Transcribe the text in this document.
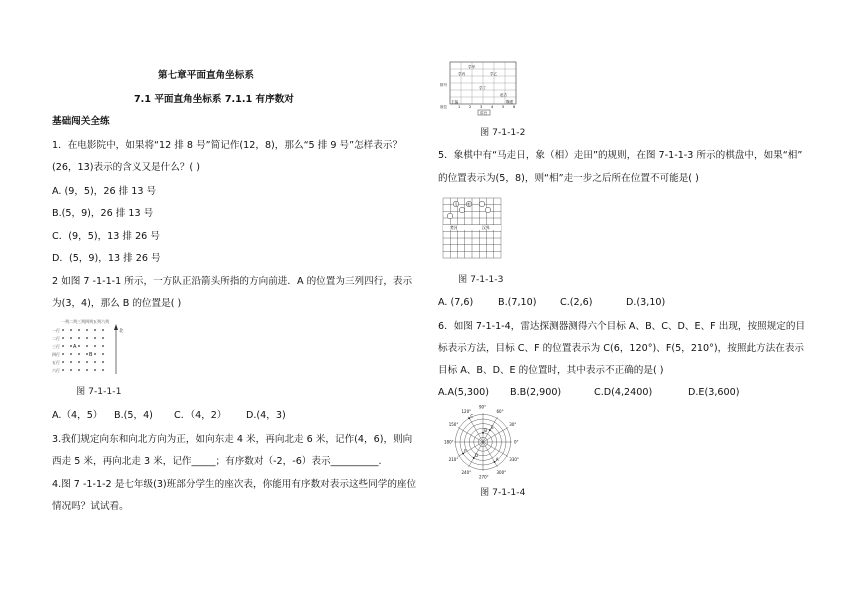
第七章平面直角坐标系
7.1 平面直角坐标系 7.1.1 有序数对
基础闯关全练
1．在电影院中，如果将“12 排 8 号”简记作(12，8)，那么“5 排 9 号”怎样表示？
(26，13)表示的含义又是什么？( )
A. (9，5)，26 排 13 号
B.(5，9)，26 排 13 号
C．(9，5)，13 排 26 号
D．(5，9)，13 排 26 号
2 如图 7 -1-1-1 所示，一方队正沿箭头所指的方向前进．A 的位置为三列四行，表示
为(3，4)，那么 B 的位置是( )
一列 二列 三列 四列 五列 六列
一行
二行
三行
四行
五行
六行
A
B
北
图 7-1-1-1
A.（4，5） B.(5，4) C．（4，2） D.(4，3)
3.我们规定向东和向北方向为正，如向东走 4 米，再向北走 6 米，记作(4，6)，则向
西走 5 米，再向北走 3 米，记作_____；有序数对（-2，-6）表示__________.
4.图 7 -1-1-2 是七年级(3)班部分学生的座次表，你能用有序数对表示这些同学的座位
情况吗？试试看。
学甲
学乙
学丙
学丁
赵古
王猛	魏建
排号
座位	1 2 3 4 5 6
讲台
图 7-1-1-2
5．象棋中有“马走日，象（相）走田”的规则，在图 7-1-1-3 所示的棋盘中，如果“相”
的位置表示为(5，8)，则“相”走一步之后所在位置不可能是( )
楚河	汉界
马	相
图 7-1-1-3
A. (7,6)	B.(7,10) C.(2,6)	D.(3,10)
6．如图 7-1-1-4，雷达探测器测得六个目标 A、B、C、D、E、F 出现，按照规定的目
标表示方法，目标 C、F 的位置表示为 C(6，120°)、F(5，210°)，按照此方法在表示
目标 A、B、D、E 的位置时，其中表示不正确的是( )
A.A(5,300) B.B(2,900)	C.D(4,2400)	D.E(3,600)
90°
60°
30°
0°
330°
300°
270°
240°
210°
180°
150°
120°
A
B
C
D
E
F
图 7-1-1-4
